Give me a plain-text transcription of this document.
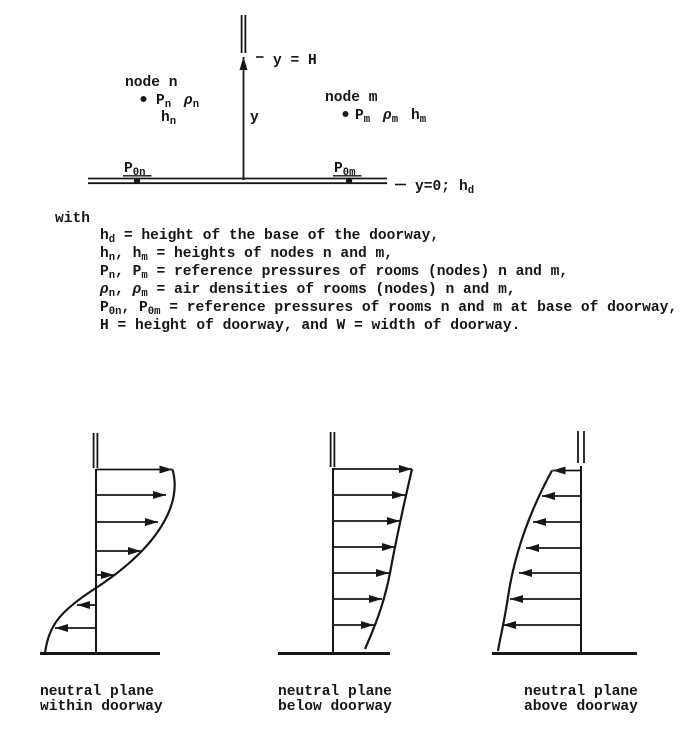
y = H
node n
$P_n$ $\rho_n$
$h_n$	y
node m
$P_m$ $\rho_m$ $h_m$
$P_{0n}$	$P_{0m}$
y=0; $h_d$
with
$h_d$ = height of the base of the doorway,
$h_n$, $h_m$ = heights of nodes n and m,
$P_n$, $P_m$ = reference pressures of rooms (nodes) n and m,
$\rho_n$, $\rho_m$ = air densities of rooms (nodes) n and m,
$P_{0n}$, $P_{0m}$ = reference pressures of rooms n and m at base of doorway,
H = height of doorway, and W = width of doorway.
neutral plane
within doorway
neutral plane
below doorway
neutral plane
above doorway
